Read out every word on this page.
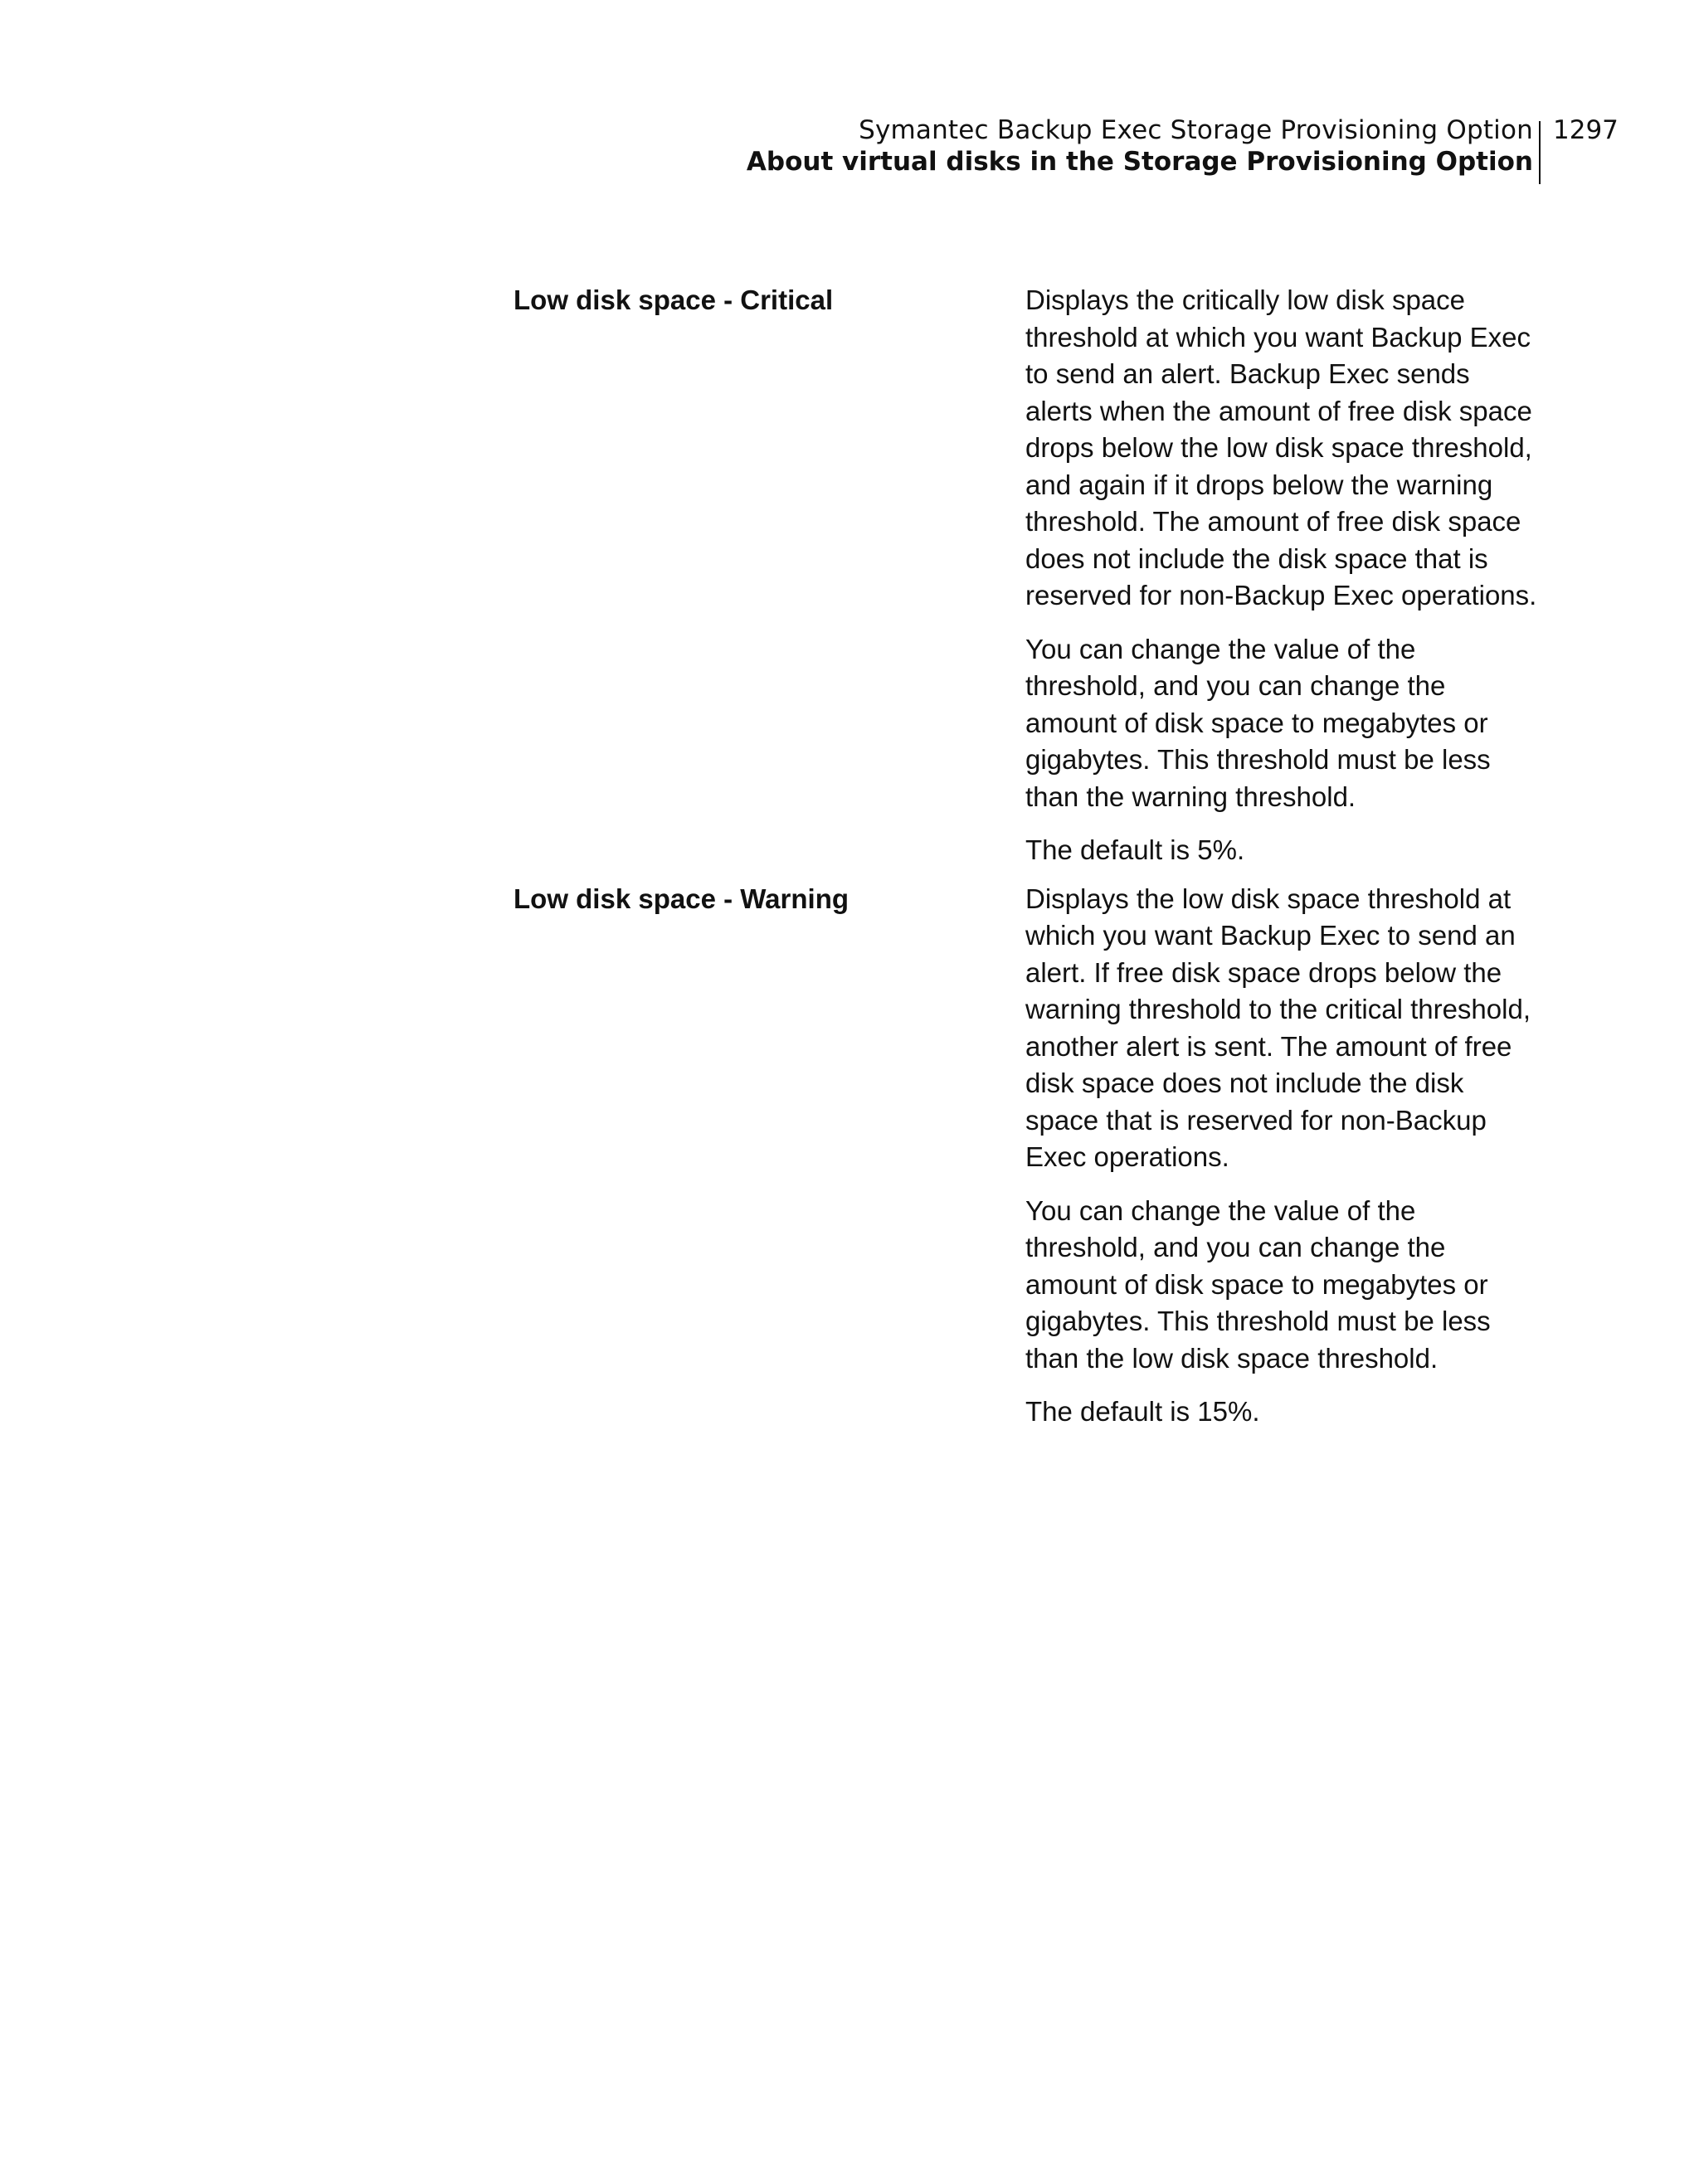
Symantec Backup Exec Storage Provisioning Option
About virtual disks in the Storage Provisioning Option
1297
Low disk space - Critical	Displays the critically low disk space threshold at which you want Backup Exec to send an alert. Backup Exec sends alerts when the amount of free disk space drops below the low disk space threshold, and again if it drops below the warning threshold. The amount of free disk space does not include the disk space that is reserved for non-Backup Exec operations.

You can change the value of the threshold, and you can change the amount of disk space to megabytes or gigabytes. This threshold must be less than the warning threshold.

The default is 5%.

Low disk space - Warning	Displays the low disk space threshold at which you want Backup Exec to send an alert. If free disk space drops below the warning threshold to the critical threshold, another alert is sent. The amount of free disk space does not include the disk space that is reserved for non-Backup Exec operations.

You can change the value of the threshold, and you can change the amount of disk space to megabytes or gigabytes. This threshold must be less than the low disk space threshold.

The default is 15%.
